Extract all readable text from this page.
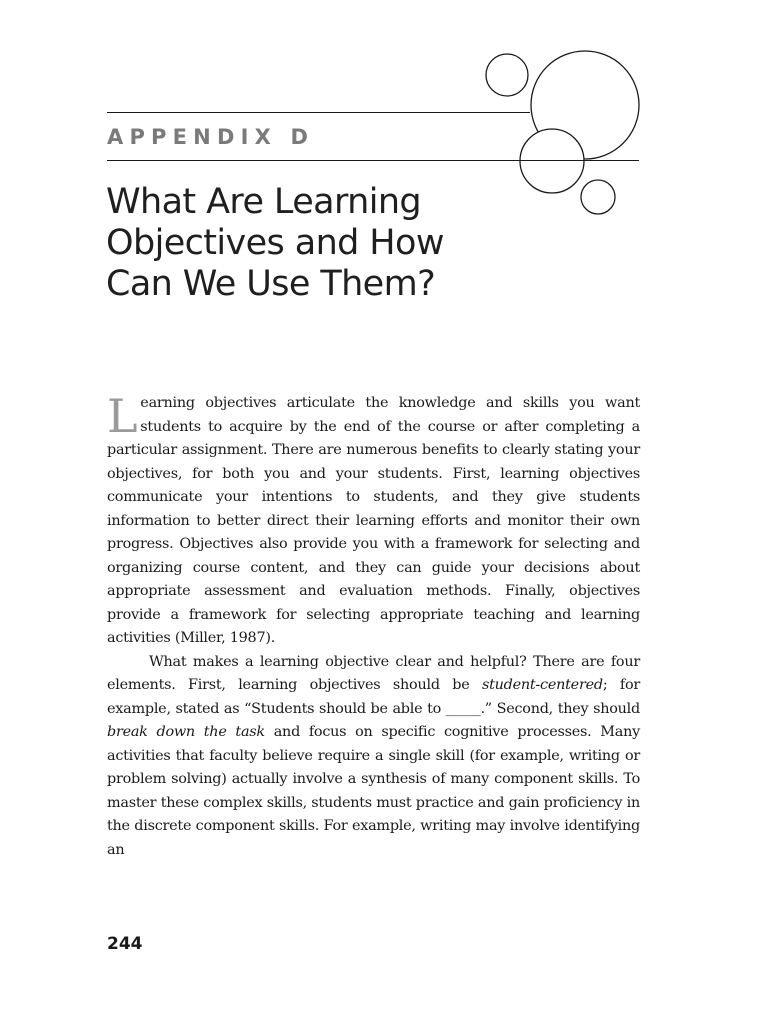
APPENDIX D
What Are Learning
Objectives and How
Can We Use Them?

Learning objectives articulate the knowledge and skills you want students to acquire by the end of the course or after completing a particular assignment. There are numerous benefits to clearly stating your objectives, for both you and your students. First, learning objectives communicate your intentions to students, and they give students information to better direct their learning efforts and monitor their own progress. Objectives also provide you with a framework for selecting and organizing course content, and they can guide your decisions about appropriate assessment and evaluation methods. Finally, objectives provide a framework for selecting appropriate teaching and learning activities (Miller, 1987).

What makes a learning objective clear and helpful? There are four elements. First, learning objectives should be student-centered; for example, stated as “Students should be able to _____.” Second, they should break down the task and focus on specific cognitive processes. Many activities that faculty believe require a single skill (for example, writing or problem solving) actually involve a synthesis of many component skills. To master these complex skills, students must practice and gain proficiency in the discrete component skills. For example, writing may involve identifying an

244
